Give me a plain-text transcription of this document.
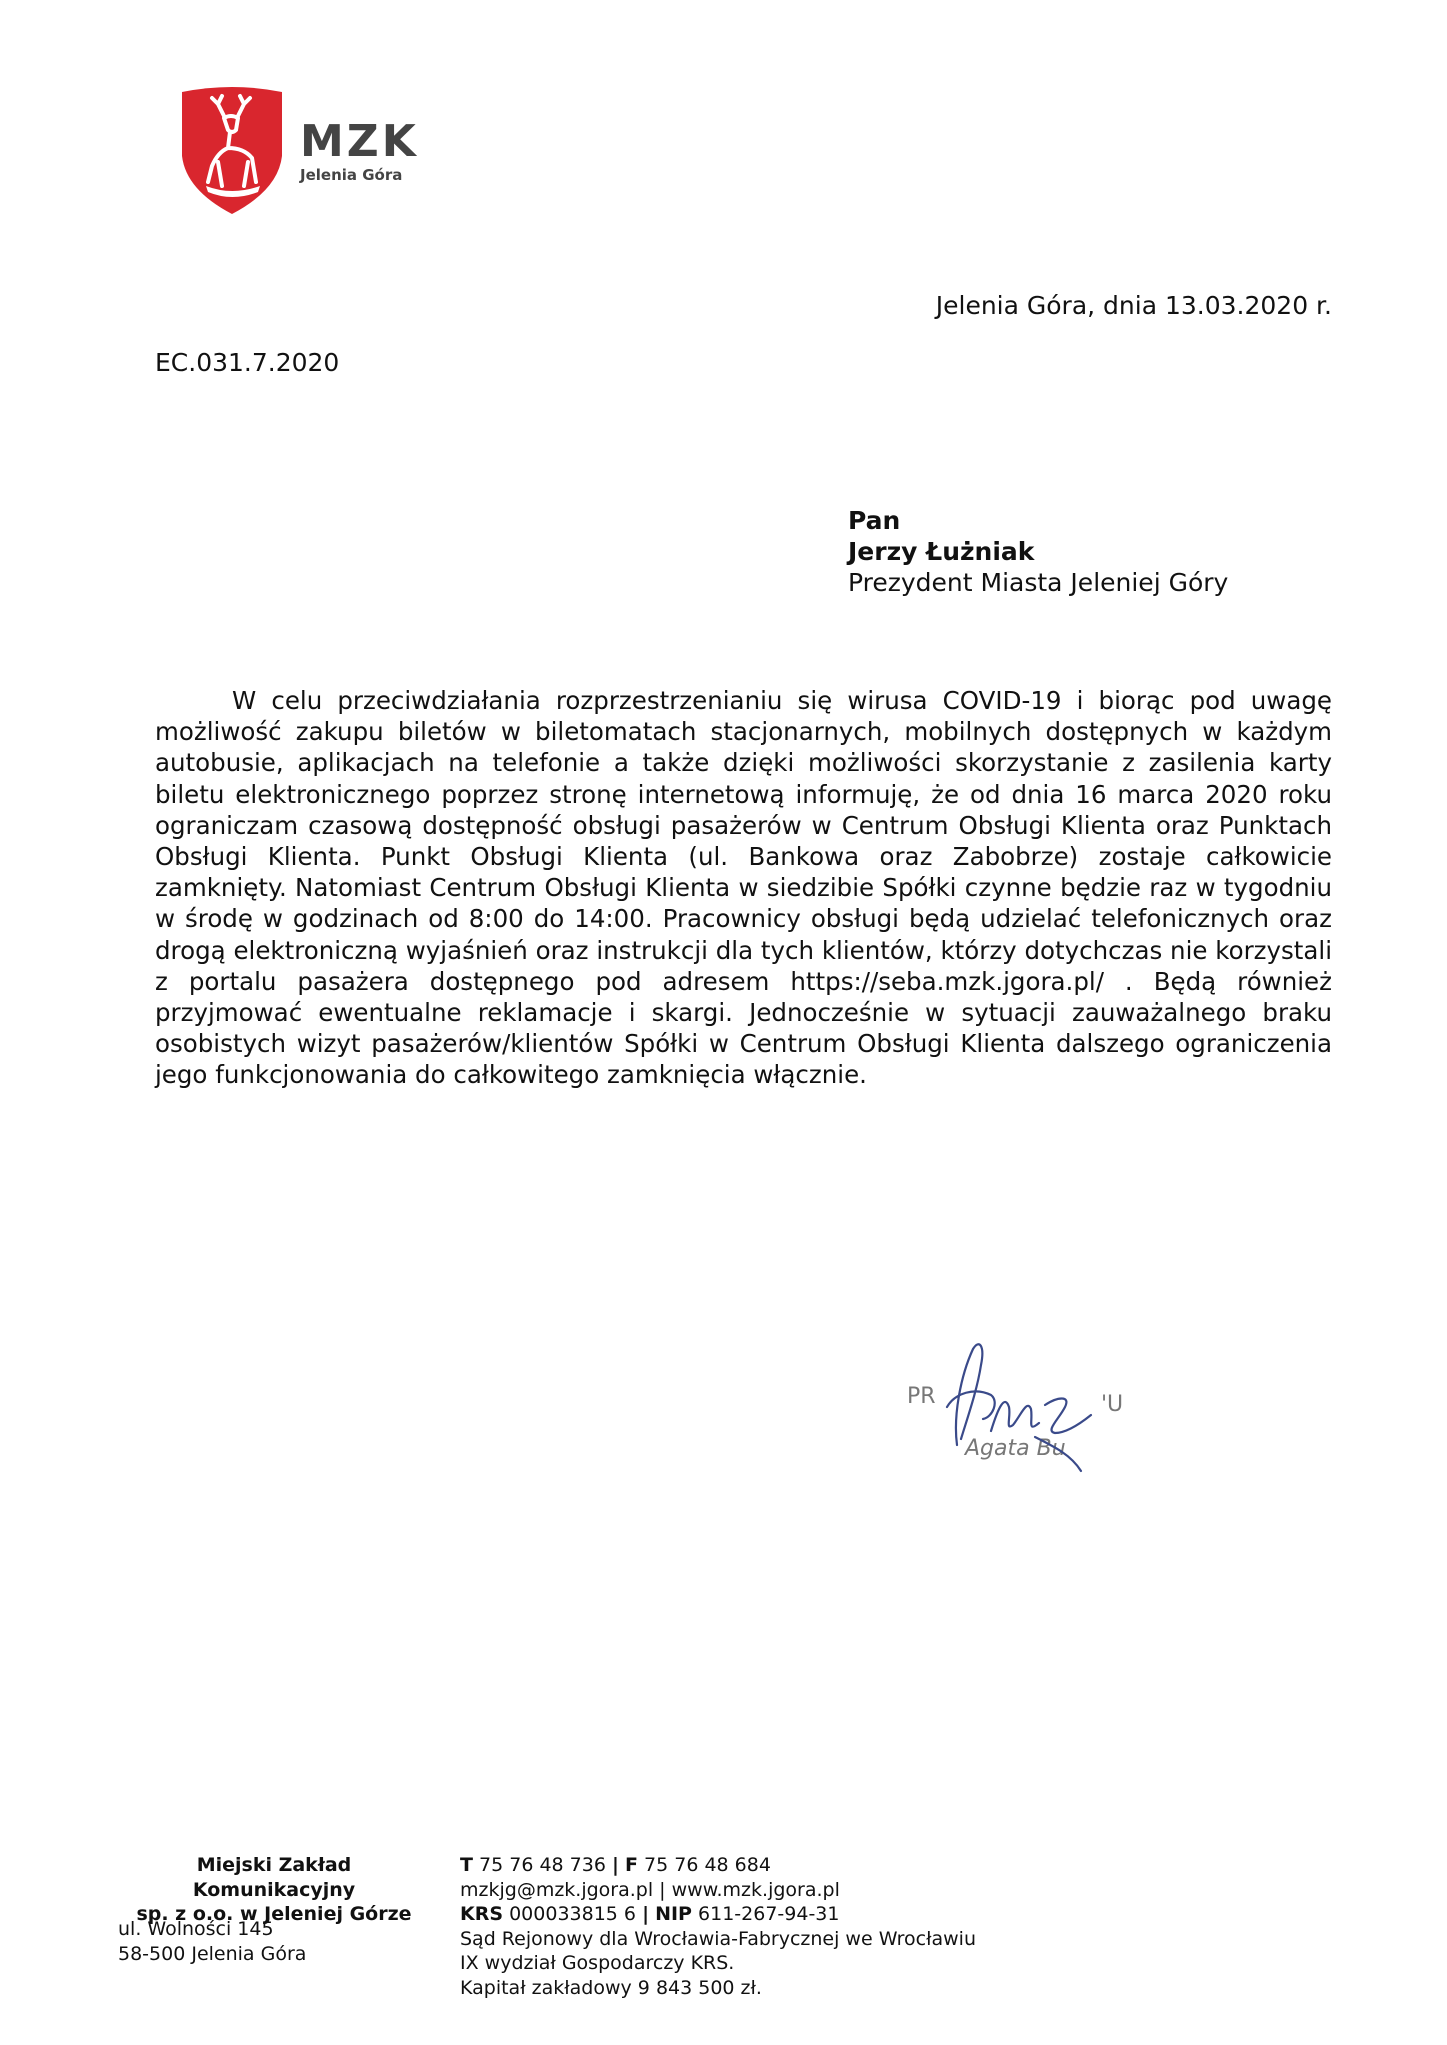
MZK
Jelenia Góra
Jelenia Góra, dnia 13.03.2020 r.
EC.031.7.2020
Pan
Jerzy Łużniak
Prezydent Miasta Jeleniej Góry
W celu przeciwdziałania rozprzestrzenianiu się wirusa COVID-19 i biorąc pod uwagę możliwość zakupu biletów w biletomatach stacjonarnych, mobilnych dostępnych w każdym autobusie, aplikacjach na telefonie a także dzięki możliwości skorzystanie z zasilenia karty biletu elektronicznego poprzez stronę internetową informuję, że od dnia 16 marca 2020 roku ograniczam czasową dostępność obsługi pasażerów w Centrum Obsługi Klienta oraz Punktach Obsługi Klienta. Punkt Obsługi Klienta (ul. Bankowa oraz Zabobrze) zostaje całkowicie zamknięty. Natomiast Centrum Obsługi Klienta w siedzibie Spółki czynne będzie raz w tygodniu w środę w godzinach od 8:00 do 14:00. Pracownicy obsługi będą udzielać telefonicznych oraz drogą elektroniczną wyjaśnień oraz instrukcji dla tych klientów, którzy dotychczas nie korzystali z portalu pasażera dostępnego pod adresem https://seba.mzk.jgora.pl/ . Będą również przyjmować ewentualne reklamacje i skargi. Jednocześnie w sytuacji zauważalnego braku osobistych wizyt pasażerów/klientów Spółki w Centrum Obsługi Klienta dalszego ograniczenia jego funkcjonowania do całkowitego zamknięcia włącznie.
PR	'U
Agata Bu
Miejski Zakład Komunikacyjny
sp. z o.o. w Jeleniej Górze
ul. Wolności 145
58-500 Jelenia Góra
T 75 76 48 736 | F 75 76 48 684
mzkjg@mzk.jgora.pl | www.mzk.jgora.pl
KRS 000033815 6 | NIP 611-267-94-31
Sąd Rejonowy dla Wrocławia-Fabrycznej we Wrocławiu
IX wydział Gospodarczy KRS.
Kapitał zakładowy 9 843 500 zł.
